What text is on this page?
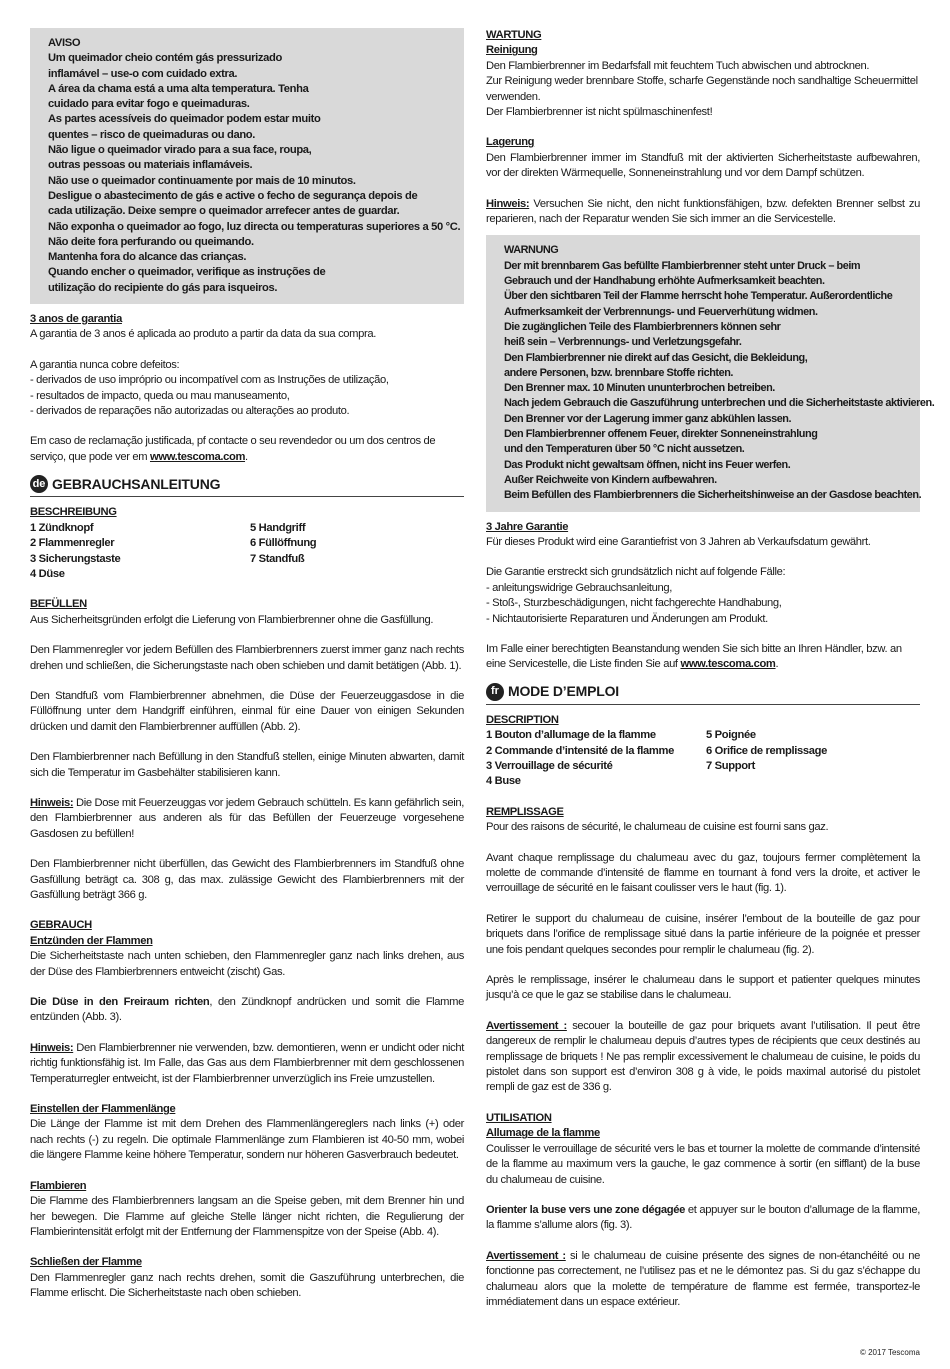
AVISO
Um queimador cheio contém gás pressurizado
inflamável – use-o com cuidado extra.
A área da chama está a uma alta temperatura. Tenha
cuidado para evitar fogo e queimaduras.
As partes acessíveis do queimador podem estar muito
quentes – risco de queimaduras ou dano.
Não ligue o queimador virado para a sua face, roupa,
outras pessoas ou materiais inflamáveis.
Não use o queimador continuamente por mais de 10 minutos.
Desligue o abastecimento de gás e active o fecho de segurança depois de
cada utilização. Deixe sempre o queimador arrefecer antes de guardar.
Não exponha o queimador ao fogo, luz directa ou temperaturas superiores a 50 °C.
Não deite fora perfurando ou queimando.
Mantenha fora do alcance das crianças.
Quando encher o queimador, verifique as instruções de
utilização do recipiente do gás para isqueiros.
3 anos de garantia
A garantia de 3 anos é aplicada ao produto a partir da data da sua compra.
A garantia nunca cobre defeitos:
- derivados de uso impróprio ou incompatível com as Instruções de utilização,
- resultados de impacto, queda ou mau manuseamento,
- derivados de reparações não autorizadas ou alterações ao produto.
Em caso de reclamação justificada, pf contacte o seu revendedor ou um dos centros de serviço, que pode ver em www.tescoma.com.
de GEBRAUCHSANLEITUNG
BESCHREIBUNG
1 Zündknopf
2 Flammenregler
3 Sicherungstaste
4 Düse
5 Handgriff
6 Füllöffnung
7 Standfuß
BEFÜLLEN
Aus Sicherheitsgründen erfolgt die Lieferung von Flambierbrenner ohne die Gasfüllung.
Den Flammenregler vor jedem Befüllen des Flambierbrenners zuerst immer ganz nach rechts drehen und schließen, die Sicherungstaste nach oben schieben und damit betätigen (Abb. 1).
Den Standfuß vom Flambierbrenner abnehmen, die Düse der Feuerzeuggasdose in die Füllöffnung unter dem Handgriff einführen, einmal für eine Dauer von einigen Sekunden drücken und damit den Flambierbrenner auffüllen (Abb. 2).
Den Flambierbrenner nach Befüllung in den Standfuß stellen, einige Minuten abwarten, damit sich die Temperatur im Gasbehälter stabilisieren kann.
Hinweis: Die Dose mit Feuerzeuggas vor jedem Gebrauch schütteln. Es kann gefährlich sein, den Flambierbrenner aus anderen als für das Befüllen der Feuerzeuge vorgesehene Gasdosen zu befüllen!
Den Flambierbrenner nicht überfüllen, das Gewicht des Flambierbrenners im Standfuß ohne Gasfüllung beträgt ca. 308 g, das max. zulässige Gewicht des Flambierbrenners mit der Gasfüllung beträgt 366 g.
GEBRAUCH
Entzünden der Flammen
Die Sicherheitstaste nach unten schieben, den Flammenregler ganz nach links drehen, aus der Düse des Flambierbrenners entweicht (zischt) Gas.
Die Düse in den Freiraum richten, den Zündknopf andrücken und somit die Flamme entzünden (Abb. 3).
Hinweis: Den Flambierbrenner nie verwenden, bzw. demontieren, wenn er undicht oder nicht richtig funktionsfähig ist. Im Falle, das Gas aus dem Flambierbrenner mit dem geschlossenen Temperaturregler entweicht, ist der Flambierbrenner unverzüglich ins Freie umzustellen.
Einstellen der Flammenlänge
Die Länge der Flamme ist mit dem Drehen des Flammenlängereglers nach links (+) oder nach rechts (-) zu regeln. Die optimale Flammenlänge zum Flambieren ist 40-50 mm, wobei die längere Flamme keine höhere Temperatur, sondern nur höheren Gasverbrauch bedeutet.
Flambieren
Die Flamme des Flambierbrenners langsam an die Speise geben, mit dem Brenner hin und her bewegen. Die Flamme auf gleiche Stelle länger nicht richten, die Regulierung der Flambierintensität erfolgt mit der Entfernung der Flammenspitze von der Speise (Abb. 4).
Schließen der Flamme
Den Flammenregler ganz nach rechts drehen, somit die Gaszuführung unterbrechen, die Flamme erlischt. Die Sicherheitstaste nach oben schieben.
WARTUNG
Reinigung
Den Flambierbrenner im Bedarfsfall mit feuchtem Tuch abwischen und abtrocknen.
Zur Reinigung weder brennbare Stoffe, scharfe Gegenstände noch sandhaltige Scheuermittel verwenden.
Der Flambierbrenner ist nicht spülmaschinenfest!
Lagerung
Den Flambierbrenner immer im Standfuß mit der aktivierten Sicherheitstaste aufbewahren, vor der direkten Wärmequelle, Sonneneinstrahlung und vor dem Dampf schützen.
Hinweis: Versuchen Sie nicht, den nicht funktionsfähigen, bzw. defekten Brenner selbst zu reparieren, nach der Reparatur wenden Sie sich immer an die Servicestelle.
WARNUNG
Der mit brennbarem Gas befüllte Flambierbrenner steht unter Druck – beim
Gebrauch und der Handhabung erhöhte Aufmerksamkeit beachten.
Über den sichtbaren Teil der Flamme herrscht hohe Temperatur. Außerordentliche
Aufmerksamkeit der Verbrennungs- und Feuerverhütung widmen.
Die zugänglichen Teile des Flambierbrenners können sehr
heiß sein – Verbrennungs- und Verletzungsgefahr.
Den Flambierbrenner nie direkt auf das Gesicht, die Bekleidung,
andere Personen, bzw. brennbare Stoffe richten.
Den Brenner max. 10 Minuten ununterbrochen betreiben.
Nach jedem Gebrauch die Gaszuführung unterbrechen und die Sicherheitstaste aktivieren.
Den Brenner vor der Lagerung immer ganz abkühlen lassen.
Den Flambierbrenner offenem Feuer, direkter Sonneneinstrahlung
und den Temperaturen über 50 °C nicht aussetzen.
Das Produkt nicht gewaltsam öffnen, nicht ins Feuer werfen.
Außer Reichweite von Kindern aufbewahren.
Beim Befüllen des Flambierbrenners die Sicherheitshinweise an der Gasdose beachten.
3 Jahre Garantie
Für dieses Produkt wird eine Garantiefrist von 3 Jahren ab Verkaufsdatum gewährt.
Die Garantie erstreckt sich grundsätzlich nicht auf folgende Fälle:
- anleitungswidrige Gebrauchsanleitung,
- Stoß-, Sturzbeschädigungen, nicht fachgerechte Handhabung,
- Nichtautorisierte Reparaturen und Änderungen am Produkt.
Im Falle einer berechtigten Beanstandung wenden Sie sich bitte an Ihren Händler, bzw. an eine Servicestelle, die Liste finden Sie auf www.tescoma.com.
fr MODE D’EMPLOI
DESCRIPTION
1 Bouton d’allumage de la flamme
2 Commande d’intensité de la flamme
3 Verrouillage de sécurité
4 Buse
5 Poignée
6 Orifice de remplissage
7 Support
REMPLISSAGE
Pour des raisons de sécurité, le chalumeau de cuisine est fourni sans gaz.
Avant chaque remplissage du chalumeau avec du gaz, toujours fermer complètement la molette de commande d’intensité de flamme en tournant à fond vers la droite, et activer le verrouillage de sécurité en le faisant coulisser vers le haut (fig. 1).
Retirer le support du chalumeau de cuisine, insérer l’embout de la bouteille de gaz pour briquets dans l’orifice de remplissage situé dans la partie inférieure de la poignée et presser une fois pendant quelques secondes pour remplir le chalumeau (fig. 2).
Après le remplissage, insérer le chalumeau dans le support et patienter quelques minutes jusqu’à ce que le gaz se stabilise dans le chalumeau.
Avertissement : secouer la bouteille de gaz pour briquets avant l’utilisation. Il peut être dangereux de remplir le chalumeau depuis d’autres types de récipients que ceux destinés au remplissage de briquets ! Ne pas remplir excessivement le chalumeau de cuisine, le poids du pistolet dans son support est d’environ 308 g à vide, le poids maximal autorisé du pistolet rempli de gaz est de 336 g.
UTILISATION
Allumage de la flamme
Coulisser le verrouillage de sécurité vers le bas et tourner la molette de commande d’intensité de la flamme au maximum vers la gauche, le gaz commence à sortir (en sifflant) de la buse du chalumeau de cuisine.
Orienter la buse vers une zone dégagée et appuyer sur le bouton d’allumage de la flamme, la flamme s’allume alors (fig. 3).
Avertissement : si le chalumeau de cuisine présente des signes de non-étanchéité ou ne fonctionne pas correctement, ne l’utilisez pas et ne le démontez pas. Si du gaz s’échappe du chalumeau alors que la molette de température de flamme est fermée, transportez-le immédiatement dans un espace extérieur.
© 2017 Tescoma
